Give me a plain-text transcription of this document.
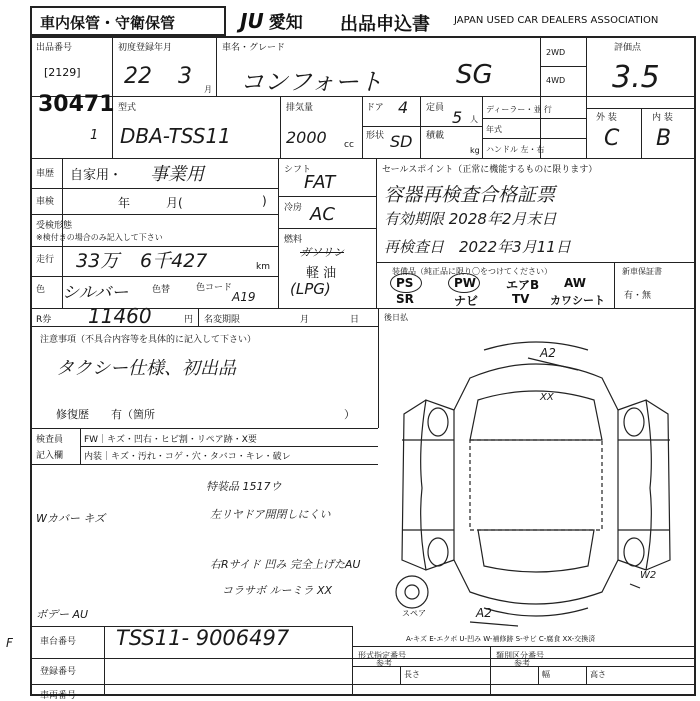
車内保管・守衛保管	JU 愛知 出品申込書 JAPAN USED CAR DEALERS ASSOCIATION
出品番号
[2129]
30471
1
初度登録年月
22 3
月
車名・グレード
コンフォート	SG
2WD
4WD
評価点
3.5
外 装	内 装
C B
型式
DBA-TSS11
排気量
2000 cc
ドア 4
形状 SD
定員 5 人
積載
kg
ディーラー・並 行
年式
ハンドル 左・右
車歴 自家用・ 事業用
車検	年　　　月(	)
受検形態
※検付きの場合のみ記入して下さい
走行 33万 6千427	km
色 シルバー	色替	色コード
A19
シフト
FAT
冷房 AC
燃料
ガソリン
軽 油
(LPG)
セールスポイント（正常に機能するものに限ります）
容器再検査合格証票
有効期限 2028年2月末日
再検査日　2022年3月11日
装備品（純正品に限り〇をつけてください）
PS	PW エアB AW
SR	ナビ	TV カワシート
新車保証書
有・無
R券 11460	円 名変期限	月	日	後日払
注意事項（不具合内容等を具体的に記入して下さい）
タクシー仕様、初出品
修復歴　　有（箇所	）
検査員
記入欄
FW｜キズ・凹右・ヒビ割・リペア跡・X要
内装｜キズ・汚れ・コゲ・穴・タバコ・キレ・破レ
Wカバー キズ
特装品 1517ウ
左リヤドア開閉しにくい
右Rサイド 凹み 完全上げたAU
コラサボ ルーミラ XX
ボデー AU
F
A2
XX
A2
W2
スペア
A-キズ E-エクボ U-凹み W-補修跡 S-サビ C-腐食 XX-交換済
車台番号 TSS11- 9006497
登録番号
車両番号
形式指定番号
参考
類別区分番号
参考
長さ	幅	高さ
